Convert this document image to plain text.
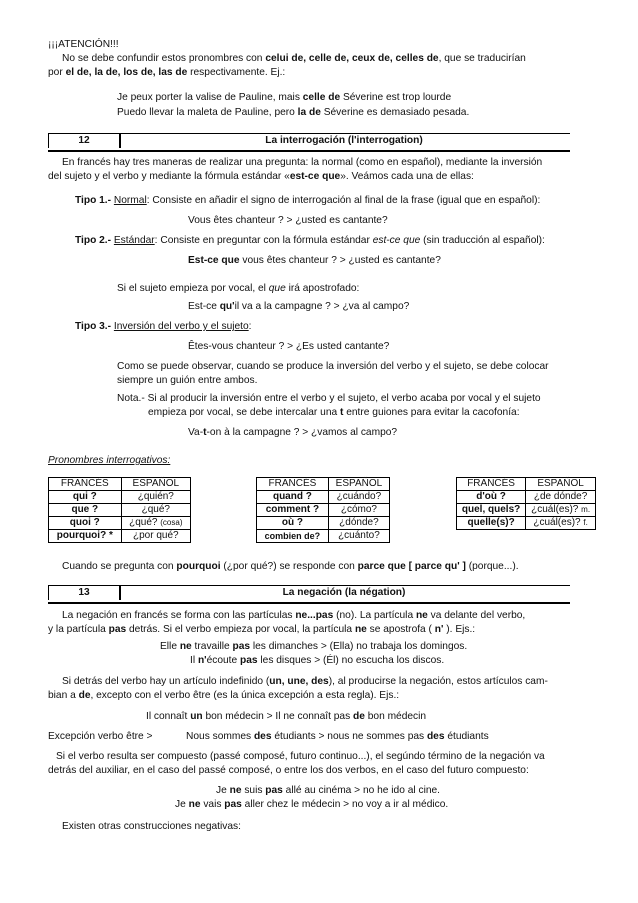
¡¡¡ATENCIÓN!!!
No se debe confundir estos pronombres con celui de, celle de, ceux de, celles de, que se traducirían
por el de, la de, los de, las de respectivamente. Ej.:
Je peux porter la valise de Pauline, mais celle de Séverine est trop lourde
Puedo llevar la maleta de Pauline, pero la de Séverine es demasiado pesada.
12	La interrogación (l'interrogation)
En francés hay tres maneras de realizar una pregunta: la normal (como en español), mediante la inversión
del sujeto y el verbo y mediante la fórmula estándar «est-ce que». Veámos cada una de ellas:
Tipo 1.- Normal: Consiste en añadir el signo de interrogación al final de la frase (igual que en español):
Vous êtes chanteur ? > ¿usted es cantante?
Tipo 2.- Estándar: Consiste en preguntar con la fórmula estándar est-ce que (sin traducción al español):
Est-ce que vous êtes chanteur ? > ¿usted es cantante?
Si el sujeto empieza por vocal, el que irá apostrofado:
Est-ce qu'il va a la campagne ? > ¿va al campo?
Tipo 3.- Inversión del verbo y el sujeto:
Êtes-vous chanteur ? > ¿Es usted cantante?
Como se puede observar, cuando se produce la inversión del verbo y el sujeto, se debe colocar
siempre un guión entre ambos.
Nota.- Si al producir la inversión entre el verbo y el sujeto, el verbo acaba por vocal y el sujeto
empieza por vocal, se debe intercalar una t entre guiones para evitar la cacofonía:
Va-t-on à la campagne ? > ¿vamos al campo?
Pronombres interrogativos:
FRANCÉS	ESPAÑOL
qui ?	¿quién?
que ?	¿qué?
quoi ?	¿qué? (cosa)
pourquoi? *	¿por qué?
FRANCÉS	ESPAÑOL
quand ?	¿cuándo?
comment ?	¿cómo?
où ?	¿dónde?
combien de?	¿cuánto?
FRANCÉS	ESPAÑOL
d'où ?	¿de dónde?
quel, quels?	¿cuál(es)? m.
quelle(s)?	¿cuál(es)? f.
Cuando se pregunta con pourquoi (¿por qué?) se responde con parce que [ parce qu' ] (porque...).
13	La negación (la négation)
La negación en francés se forma con las partículas ne...pas (no). La partícula ne va delante del verbo,
y la partícula pas detrás. Si el verbo empieza por vocal, la partícula ne se apostrofa ( n' ). Ejs.:
Elle ne travaille pas les dimanches > (Ella) no trabaja los domingos.
Il n'écoute pas les disques > (Él) no escucha los discos.
Si detrás del verbo hay un artículo indefinido (un, une, des), al producirse la negación, estos artículos cam-
bian a de, excepto con el verbo être (es la única excepción a esta regla). Ejs.:
Il connaît un bon médecin > Il ne connaît pas de bon médecin
Excepción verbo être >	Nous sommes des étudiants > nous ne sommes pas des étudiants
Si el verbo resulta ser compuesto (passé composé, futuro continuo...), el segúndo término de la negación va
detrás del auxiliar, en el caso del passé composé, o entre los dos verbos, en el caso del futuro compuesto:
Je ne suis pas allé au cinéma > no he ido al cine.
Je ne vais pas aller chez le médecin > no voy a ir al médico.
Existen otras construcciones negativas:
